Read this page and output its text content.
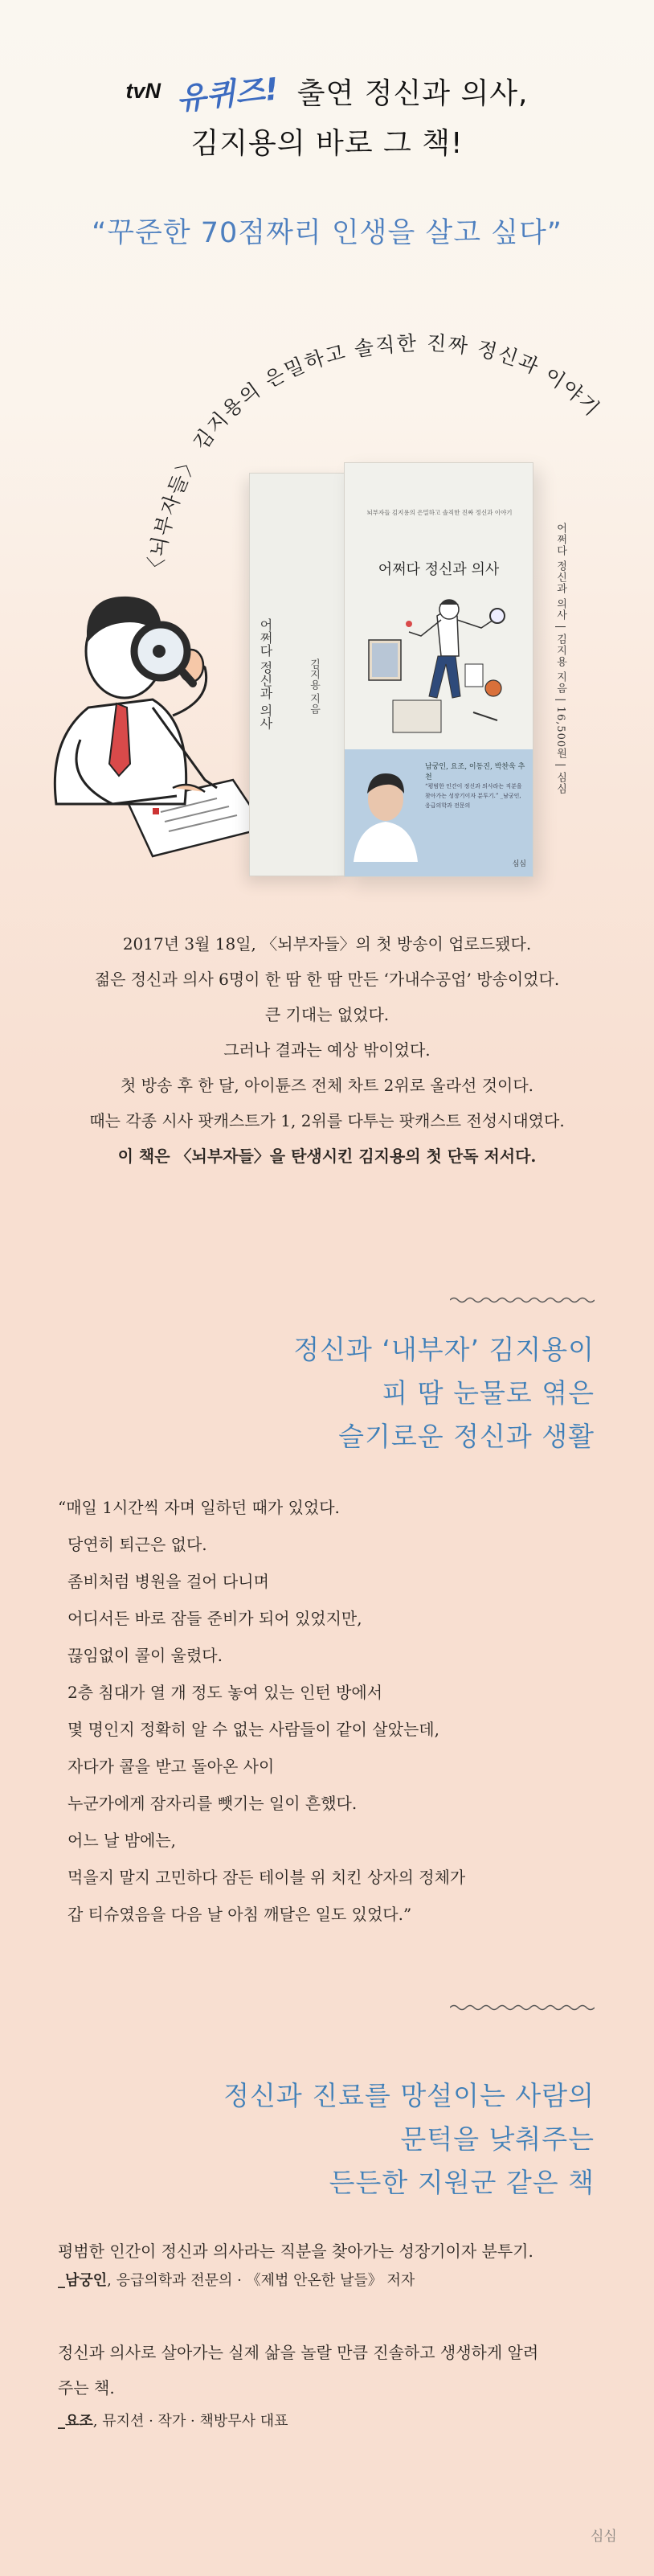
tvN 유퀴즈! 출연 정신과 의사,
김지용의 바로 그 책!
“꾸준한 70점짜리 인생을 살고 싶다”
〈뇌부자들〉 김지용의 은밀하고 솔직한 진짜 정신과 이야기
어쩌다 정신과 의사	김지용 지음
뇌부자들 김지용의 은밀하고 솔직한 진짜 정신과 이야기
어쩌다 정신과 의사
남궁인, 요조, 이동진, 박찬욱 추천
“평범한 인간이 정신과 의사라는 직분을 찾아가는 성장기이자 분투기.” _남궁인, 응급의학과 전문의
심심
어쩌다 정신과 의사 | 김지용 지음 | 16,500원 | 심심

2017년 3월 18일, 〈뇌부자들〉의 첫 방송이 업로드됐다.

젊은 정신과 의사 6명이 한 땀 한 땀 만든 ‘가내수공업’ 방송이었다.

큰 기대는 없었다.

그러나 결과는 예상 밖이었다.

첫 방송 후 한 달, 아이튠즈 전체 차트 2위로 올라선 것이다.

때는 각종 시사 팟캐스트가 1, 2위를 다투는 팟캐스트 전성시대였다.

이 책은 〈뇌부자들〉을 탄생시킨 김지용의 첫 단독 저서다.

정신과 ‘내부자’ 김지용이
피 땀 눈물로 엮은
슬기로운 정신과 생활

“매일 1시간씩 자며 일하던 때가 있었다.

당연히 퇴근은 없다.

좀비처럼 병원을 걸어 다니며

어디서든 바로 잠들 준비가 되어 있었지만,

끊임없이 콜이 울렸다.

2층 침대가 열 개 정도 놓여 있는 인턴 방에서

몇 명인지 정확히 알 수 없는 사람들이 같이 살았는데,

자다가 콜을 받고 돌아온 사이

누군가에게 잠자리를 뺏기는 일이 흔했다.

어느 날 밤에는,

먹을지 말지 고민하다 잠든 테이블 위 치킨 상자의 정체가

갑 티슈였음을 다음 날 아침 깨달은 일도 있었다.”

정신과 진료를 망설이는 사람의
문턱을 낮춰주는
든든한 지원군 같은 책

평범한 인간이 정신과 의사라는 직분을 찾아가는 성장기이자 분투기.

_남궁인, 응급의학과 전문의 · 《제법 안온한 날들》 저자

정신과 의사로 살아가는 실제 삶을 놀랄 만큼 진솔하고 생생하게 알려주는 책.

_요조, 뮤지션 · 작가 · 책방무사 대표

심심
